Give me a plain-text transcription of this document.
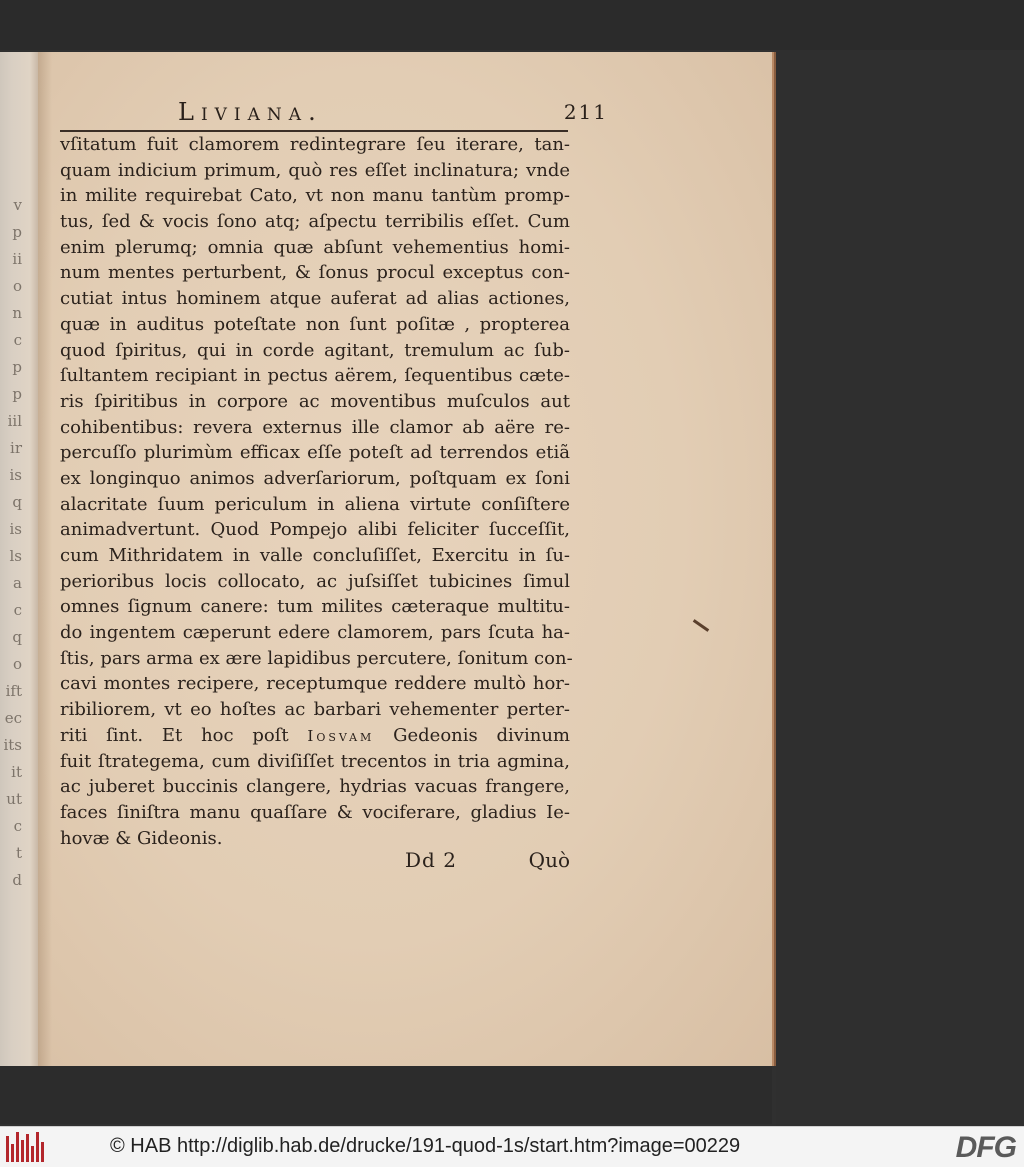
v
p
ii
o
n
c
p
p
iil
ir
is
q
is
ls
a
c
q
o
ift
ec
its
it
ut
c
t
d
Liviana.	211
vſitatum fuit clamorem redintegrare ſeu iterare, tan-
quam indicium primum, quò res eſſet inclinatura; vnde
in milite requirebat Cato, vt non manu tantùm promp-
tus, ſed & vocis ſono atq; aſpectu terribilis eſſet. Cum
enim plerumq; omnia quæ abſunt vehementius homi-
num mentes perturbent, & ſonus procul exceptus con-
cutiat intus hominem atque auferat ad alias actiones,
quæ in auditus poteſtate non ſunt poſitæ , propterea
quod ſpiritus, qui in corde agitant, tremulum ac ſub-
ſultantem recipiant in pectus aërem, ſequentibus cæte-
ris ſpiritibus in corpore ac moventibus muſculos aut
cohibentibus: revera externus ille clamor ab aëre re-
percuſſo plurimùm efficax eſſe poteſt ad terrendos etiã
ex longinquo animos adverſariorum, poſtquam ex ſoni
alacritate ſuum periculum in aliena virtute conſiſtere
animadvertunt. Quod Pompejo alibi feliciter ſucceſſit,
cum Mithridatem in valle concluſiſſet, Exercitu in ſu-
perioribus locis collocato, ac juſsiſſet tubicines ſimul
omnes ſignum canere: tum milites cæteraque multitu-
do ingentem cæperunt edere clamorem, pars ſcuta ha-
ſtis, pars arma ex ære lapidibus percutere, ſonitum con-
cavi montes recipere, receptumque reddere multò hor-
ribiliorem, vt eo hoſtes ac barbari vehementer perter-
riti ſint. Et hoc poſt Iosvam Gedeonis divinum
fuit ſtrategema, cum diviſiſſet trecentos in tria agmina,
ac juberet buccinis clangere, hydrias vacuas frangere,
faces ſiniſtra manu quaſſare & vociferare, gladius Ie-
hovæ & Gideonis.
Dd 2	Quò
© HAB http://diglib.hab.de/drucke/191-quod-1s/start.htm?image=00229	DFG
